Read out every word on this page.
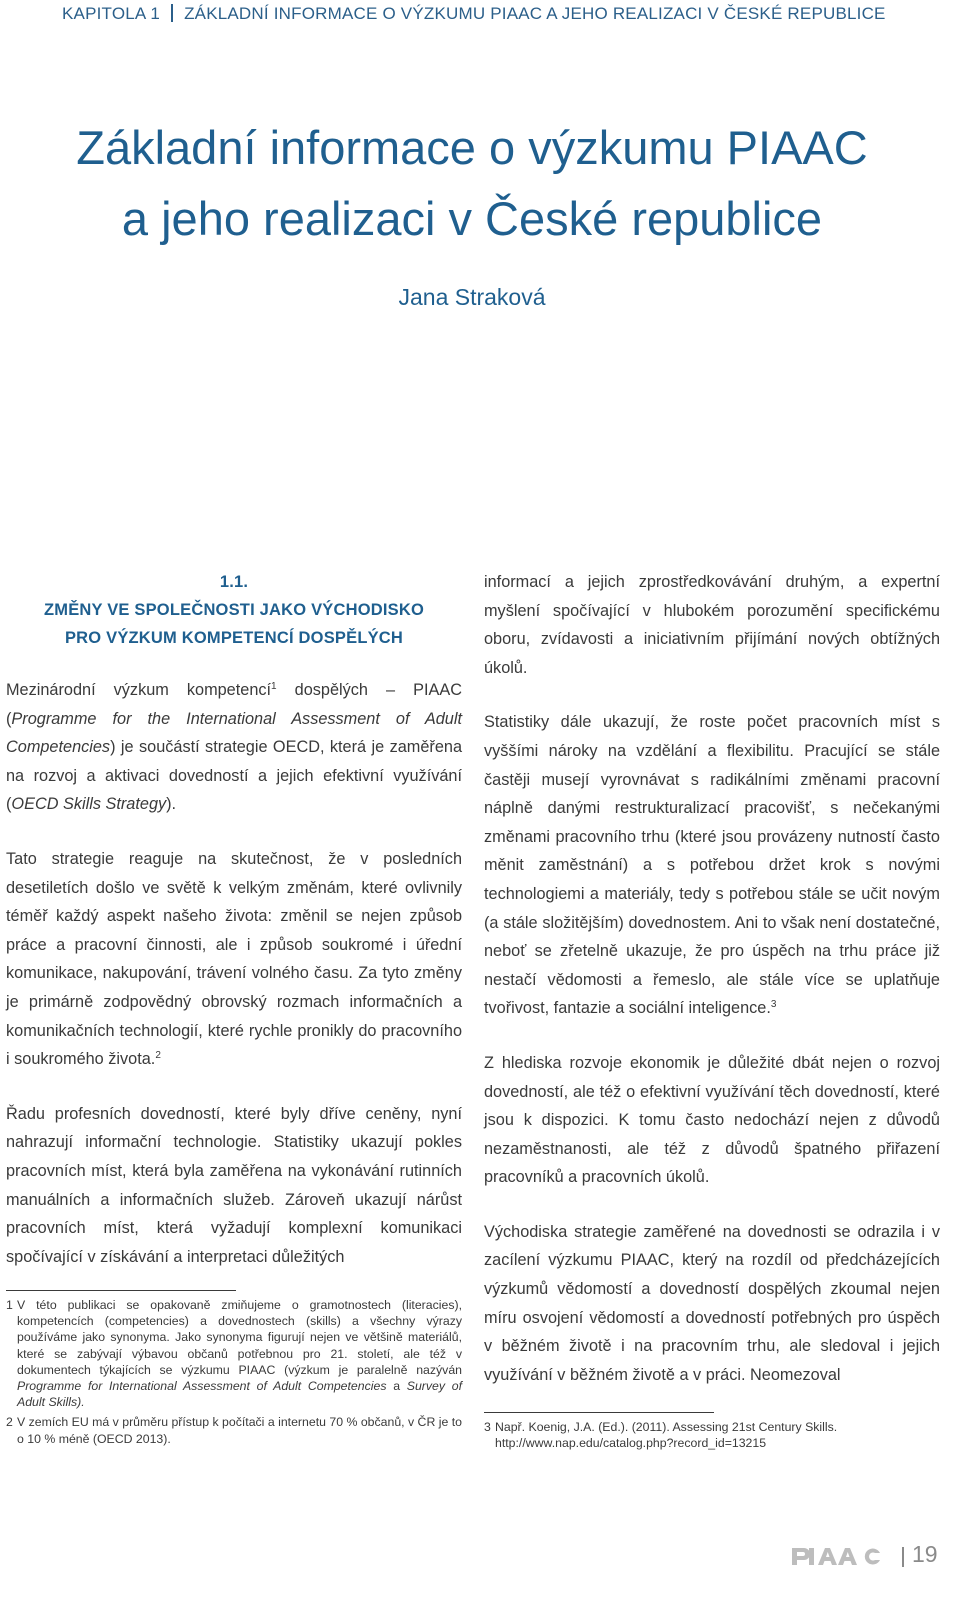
KAPITOLA 1 ZÁKLADNÍ INFORMACE O VÝZKUMU PIAAC A JEHO REALIZACI V ČESKÉ REPUBLICE
Základní informace o výzkumu PIAAC
a jeho realizaci v České republice
Jana Straková
1.1.
ZMĚNY VE SPOLEČNOSTI JAKO VÝCHODISKO
PRO VÝZKUM KOMPETENCÍ DOSPĚLÝCH

Mezinárodní výzkum kompetencí$^1$ dospělých – PIAAC (Programme for the International Assessment of Adult Competencies) je součástí strategie OECD, která je zaměřena na rozvoj a aktivaci dovedností a jejich efektivní využívání (OECD Skills Strategy).

Tato strategie reaguje na skutečnost, že v posledních desetiletích došlo ve světě k velkým změnám, které ovlivnily téměř každý aspekt našeho života: změnil se nejen způsob práce a pracovní činnosti, ale i způsob soukromé i úřední komunikace, nakupování, trávení volného času. Za tyto změny je primárně zodpovědný obrovský rozmach informačních a komunikačních technologií, které rychle pronikly do pracovního i soukromého života.$^2$

Řadu profesních dovedností, které byly dříve ceněny, nyní nahrazují informační technologie. Statistiky ukazují pokles pracovních míst, která byla zaměřena na vykonávání rutinních manuálních a informačních služeb. Zároveň ukazují nárůst pracovních míst, která vyžadují komplexní komunikaci spočívající v získávání a interpretaci důležitých

informací a jejich zprostředkovávání druhým, a expertní myšlení spočívající v hlubokém porozumění specifickému oboru, zvídavosti a iniciativním přijímání nových obtížných úkolů.

Statistiky dále ukazují, že roste počet pracovních míst s vyššími nároky na vzdělání a flexibilitu. Pracující se stále častěji musejí vyrovnávat s radikálními změnami pracovní náplně danými restrukturalizací pracovišť, s nečekanými změnami pracovního trhu (které jsou provázeny nutností často měnit zaměstnání) a s potřebou držet krok s novými technologiemi a materiály, tedy s potřebou stále se učit novým (a stále složitějším) dovednostem. Ani to však není dostatečné, neboť se zřetelně ukazuje, že pro úspěch na trhu práce již nestačí vědomosti a řemeslo, ale stále více se uplatňuje tvořivost, fantazie a sociální inteligence.$^3$

Z hlediska rozvoje ekonomik je důležité dbát nejen o rozvoj dovedností, ale též o efektivní využívání těch dovedností, které jsou k dispozici. K tomu často nedochází nejen z důvodů nezaměstnanosti, ale též z důvodů špatného přiřazení pracovníků a pracovních úkolů.

Východiska strategie zaměřené na dovednosti se odrazila i v zacílení výzkumu PIAAC, který na rozdíl od předcházejících výzkumů vědomostí a dovedností dospělých zkoumal nejen míru osvojení vědomostí a dovedností potřebných pro úspěch v běžném životě i na pracovním trhu, ale sledoval i jejich využívání v běžném životě a v práci. Neomezoval

1 V této publikaci se opakovaně zmiňujeme o gramotnostech (literacies), kompetencích (competencies) a dovednostech (skills) a všechny výrazy používáme jako synonyma. Jako synonyma figurují nejen ve většině materiálů, které se zabývají výbavou občanů potřebnou pro 21. století, ale též v dokumentech týkajících se výzkumu PIAAC (výzkum je paralelně nazýván Programme for International Assessment of Adult Competencies a Survey of Adult Skills).
2 V zemích EU má v průměru přístup k počítači a internetu 70 % občanů, v ČR je to o 10 % méně (OECD 2013).
3 Např. Koenig, J.A. (Ed.). (2011). Assessing 21st Century Skills.
http://www.nap.edu/catalog.php?record_id=13215
19
